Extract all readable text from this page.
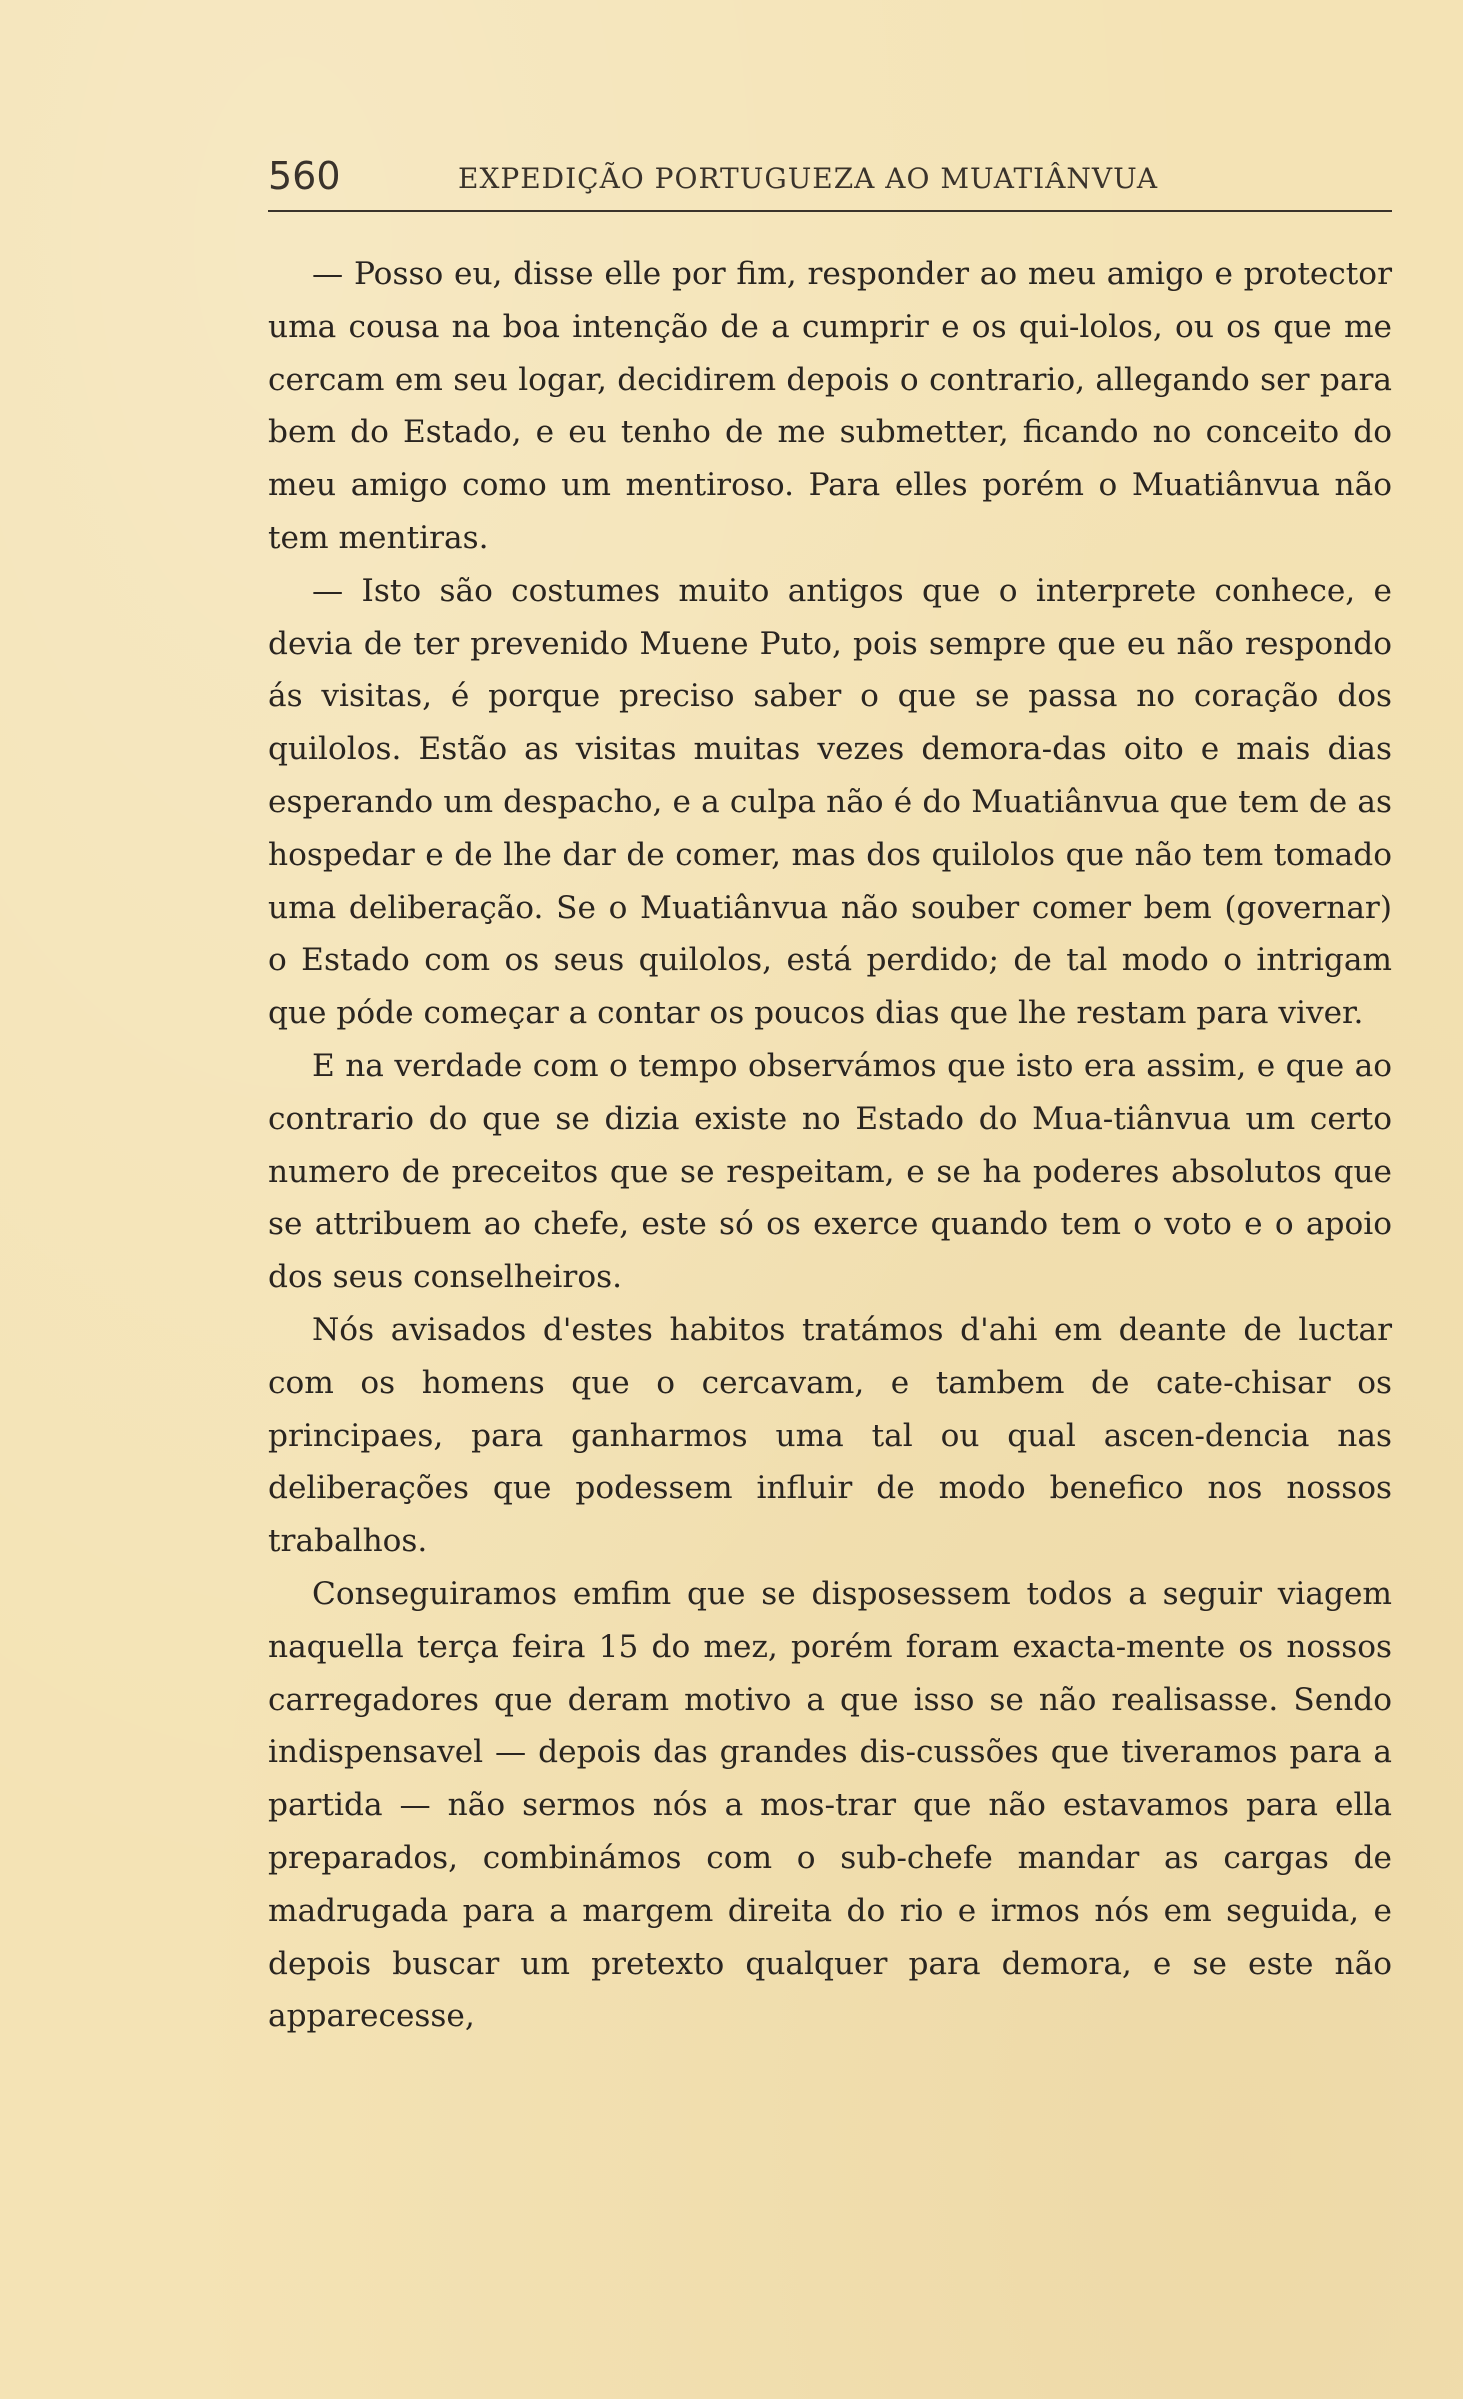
560	EXPEDIÇÃO PORTUGUEZA AO MUATIÂNVUA

— Posso eu, disse elle por fim, responder ao meu amigo e protector uma cousa na boa intenção de a cumprir e os qui-lolos, ou os que me cercam em seu logar, decidirem depois o contrario, allegando ser para bem do Estado, e eu tenho de me submetter, ficando no conceito do meu amigo como um mentiroso. Para elles porém o Muatiânvua não tem mentiras.

— Isto são costumes muito antigos que o interprete conhece, e devia de ter prevenido Muene Puto, pois sempre que eu não respondo ás visitas, é porque preciso saber o que se passa no coração dos quilolos. Estão as visitas muitas vezes demora-das oito e mais dias esperando um despacho, e a culpa não é do Muatiânvua que tem de as hospedar e de lhe dar de comer, mas dos quilolos que não tem tomado uma deliberação. Se o Muatiânvua não souber comer bem (governar) o Estado com os seus quilolos, está perdido; de tal modo o intrigam que póde começar a contar os poucos dias que lhe restam para viver.

E na verdade com o tempo observámos que isto era assim, e que ao contrario do que se dizia existe no Estado do Mua-tiânvua um certo numero de preceitos que se respeitam, e se ha poderes absolutos que se attribuem ao chefe, este só os exerce quando tem o voto e o apoio dos seus conselheiros.

Nós avisados d'estes habitos tratámos d'ahi em deante de luctar com os homens que o cercavam, e tambem de cate-chisar os principaes, para ganharmos uma tal ou qual ascen-dencia nas deliberações que podessem influir de modo benefico nos nossos trabalhos.

Conseguiramos emfim que se disposessem todos a seguir viagem naquella terça feira 15 do mez, porém foram exacta-mente os nossos carregadores que deram motivo a que isso se não realisasse. Sendo indispensavel — depois das grandes dis-cussões que tiveramos para a partida — não sermos nós a mos-trar que não estavamos para ella preparados, combinámos com o sub-chefe mandar as cargas de madrugada para a margem direita do rio e irmos nós em seguida, e depois buscar um pretexto qualquer para demora, e se este não apparecesse,
